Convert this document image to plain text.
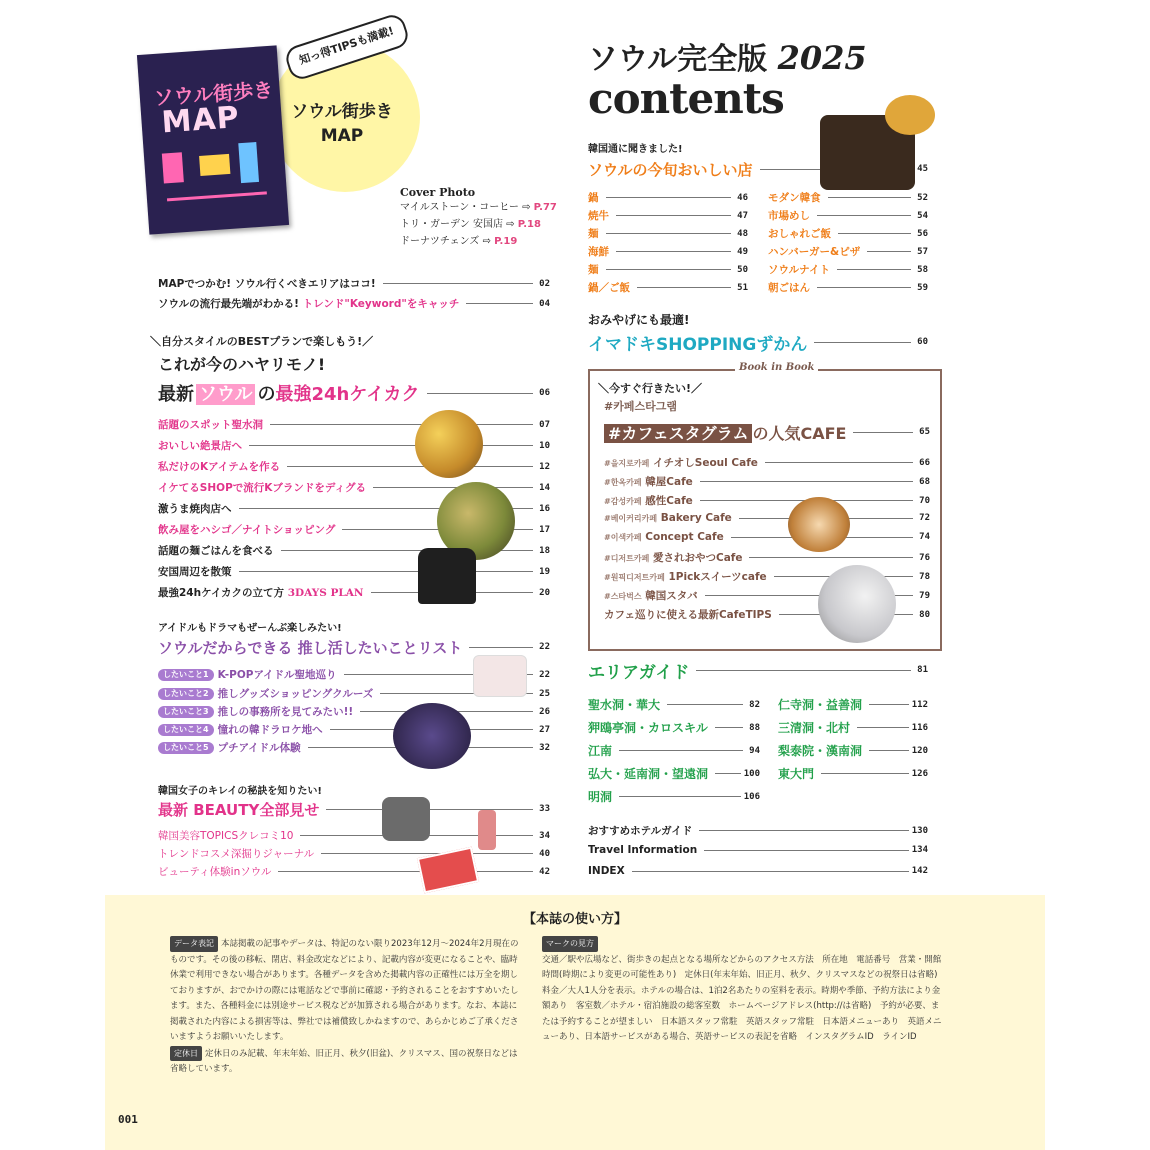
ソウル街歩き
MAP
知っ得TIPSも満載!
ソウル街歩き
MAP
Cover Photo
マイルストーン・コーヒー ⇨ P.77
トリ・ガーデン 安国店 ⇨ P.18
ドーナツチェンズ ⇨ P.19
ソウル完全版 2025
contents
MAPでつかむ! ソウル行くべきエリアはココ!	02
ソウルの流行最先端がわかる! トレンド"Keyword"をキャッチ	04
＼自分スタイルのBESTプランで楽しもう!／
これが今のハヤリモノ!
最新 ソウル の最強24hケイカク	06
話題のスポット聖水洞	07
おいしい絶景店へ	10
私だけのKアイテムを作る	12
イケてるSHOPで流行Kブランドをディグる	14
激うま焼肉店へ	16
飲み屋をハシゴ／ナイトショッピング	17
話題の麺ごはんを食べる	18
安国周辺を散策	19
最強24hケイカクの立て方 3DAYS PLAN	20
アイドルもドラマもぜーんぶ楽しみたい!
ソウルだからできる 推し活したいことリスト	22
したいこと1 K-POPアイドル聖地巡り	22
したいこと2 推しグッズショッピングクルーズ	25
したいこと3 推しの事務所を見てみたい!!	26
したいこと4 憧れの韓ドラロケ地へ	27
したいこと5 プチアイドル体験	32
韓国女子のキレイの秘訣を知りたい!
最新 BEAUTY全部見せ	33
韓国美容TOPICSクレコミ10	34
トレンドコスメ深掘りジャーナル	40
ビューティ体験inソウル	42
韓国通に聞きました!
ソウルの今旬おいしい店	45
鍋	46
焼牛	47
麺	48
海鮮	49
麺	50
鍋／ご飯	51
モダン韓食	52
市場めし	54
おしゃれご飯	56
ハンバーガー&ピザ	57
ソウルナイト	58
朝ごはん	59
おみやげにも最適!
イマドキSHOPPINGずかん	60
Book in Book
＼今すぐ行きたい!／
#카페스타그램
#カフェスタグラム の人気CAFE	65
#을지로카페 イチオしSeoul Cafe	66
#한옥카페 韓屋Cafe	68
#감성카페 感性Cafe	70
#베이커리카페 Bakery Cafe	72
#이색카페 Concept Cafe	74
#디저트카페 愛されおやつCafe	76
#원픽디저트카페 1Pickスイーツcafe	78
#스타벅스 韓国スタバ	79
カフェ巡りに使える最新CafeTIPS	80
エリアガイド	81
聖水洞・華大	82
狎鴎亭洞・カロスキル	88
江南	94
弘大・延南洞・望遠洞	100
明洞	106
仁寺洞・益善洞	112
三清洞・北村	116
梨泰院・漢南洞	120
東大門	126
おすすめホテルガイド	130
Travel Information	134
INDEX	142
【本誌の使い方】
データ表記 本誌掲載の記事やデータは、特記のない限り2023年12月～2024年2月現在のものです。その後の移転、閉店、料金改定などにより、記載内容が変更になることや、臨時休業で利用できない場合があります。各種データを含めた掲載内容の正確性には万全を期しておりますが、おでかけの際には電話などで事前に確認・予約されることをおすすめいたします。また、各種料金には別途サービス税などが加算される場合があります。なお、本誌に掲載された内容による損害等は、弊社では補償致しかねますので、あらかじめご了承くださいますようお願いいたします。
定休日 定休日のみ記載、年末年始、旧正月、秋夕(旧盆)、クリスマス、国の祝祭日などは省略しています。
マークの見方
交通／駅や広場など、街歩きの起点となる場所などからのアクセス方法　所在地　電話番号　営業・開館時間(時期により変更の可能性あり)　定休日(年末年始、旧正月、秋夕、クリスマスなどの祝祭日は省略)　料金／大人1人分を表示。ホテルの場合は、1泊2名あたりの室料を表示。時期や季節、予約方法により金額あり　客室数／ホテル・宿泊施設の総客室数　ホームページアドレス(http://は省略)　予約が必要、または予約することが望ましい　日本語スタッフ常駐　英語スタッフ常駐　日本語メニューあり　英語メニューあり、日本語サービスがある場合、英語サービスの表記を省略　インスタグラムID　ラインID
001
